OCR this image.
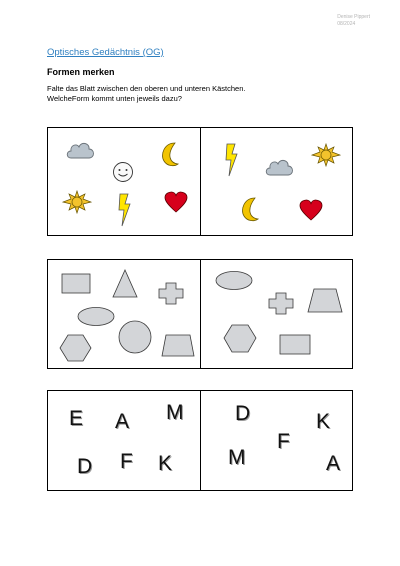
Denise Pippert
08/2024
Optisches Gedächtnis (OG)
Formen merken
Falte das Blatt zwischen den oberen und unteren Kästchen.
WelcheForm kommt unten jeweils dazu?
E A M
D F K
D	K
F
M	A
